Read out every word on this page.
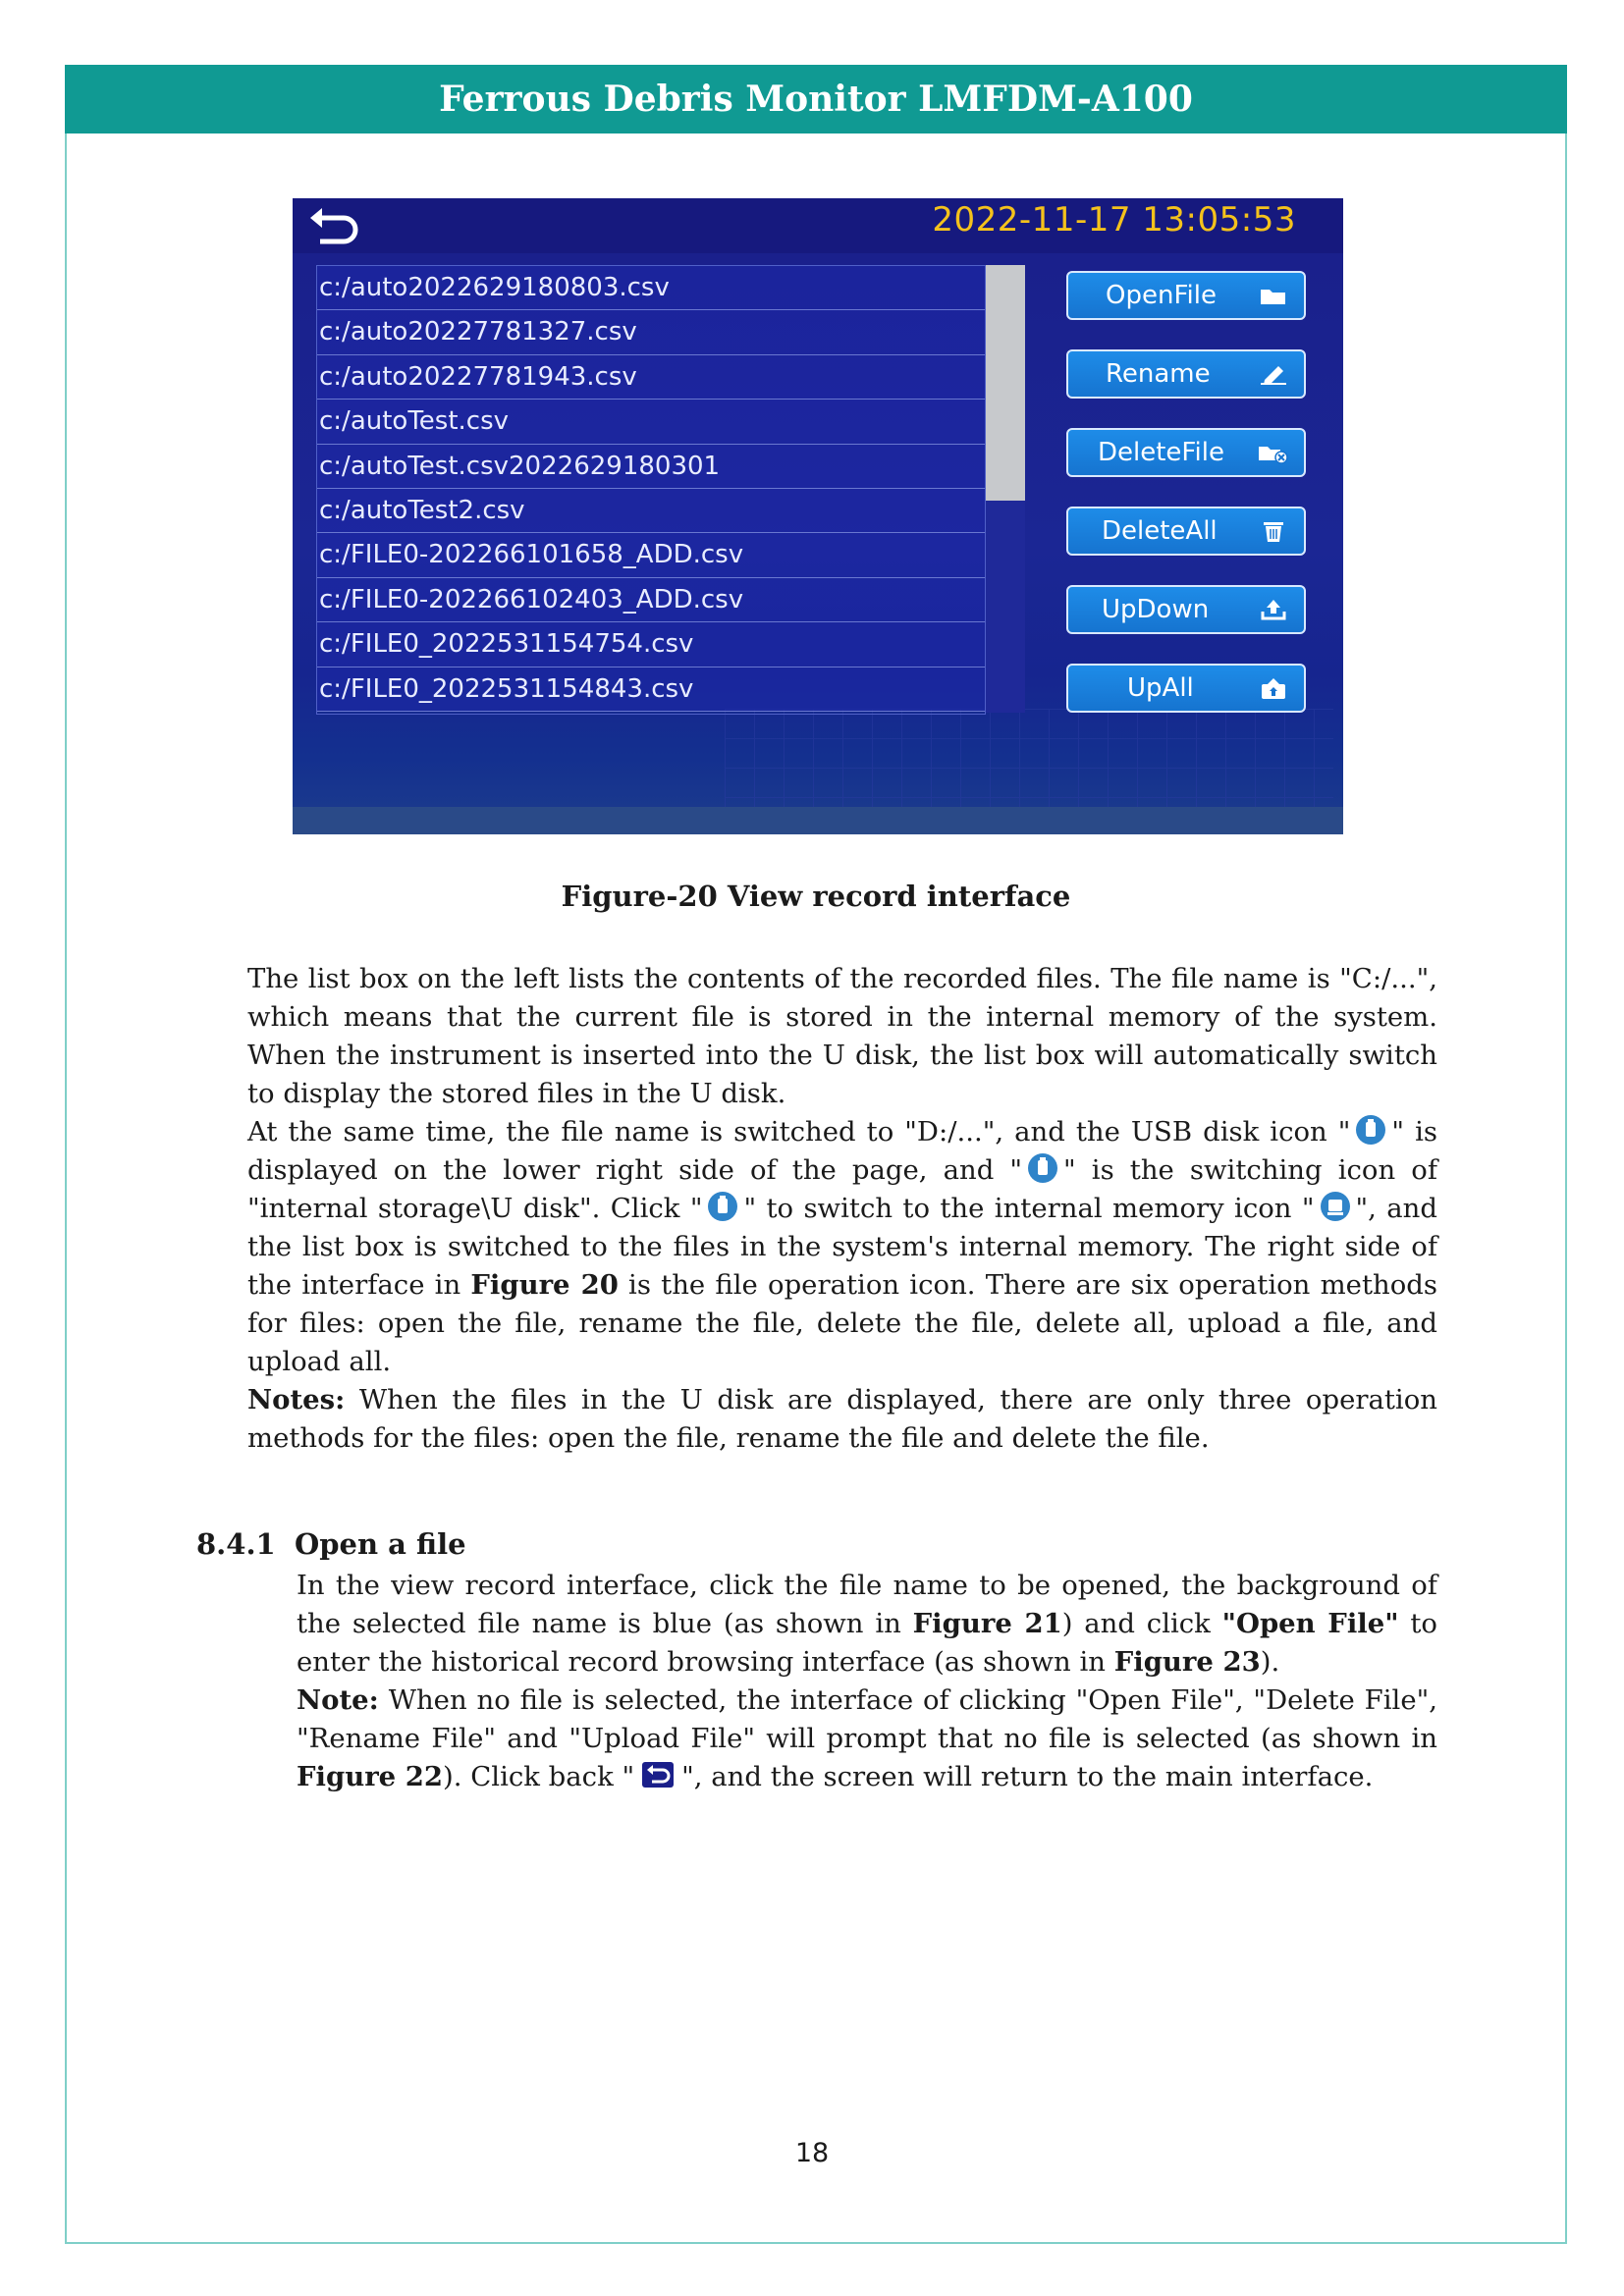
Ferrous Debris Monitor LMFDM-A100
2022-11-17 13:05:53
c:/auto2022629180803.csv
c:/auto20227781327.csv
c:/auto20227781943.csv
c:/autoTest.csv
c:/autoTest.csv2022629180301
c:/autoTest2.csv
c:/FILE0-202266101658_ADD.csv
c:/FILE0-202266102403_ADD.csv
c:/FILE0_2022531154754.csv
c:/FILE0_2022531154843.csv
OpenFile
Rename
DeleteFile
DeleteAll
UpDown
UpAll
Figure-20 View record interface

The list box on the left lists the contents of the recorded files. The file name is "C:/...", which means that the current file is stored in the internal memory of the system. When the instrument is inserted into the U disk, the list box will automatically switch to display the stored files in the U disk.

At the same time, the file name is switched to "D:/...", and the USB disk icon " " is displayed on the lower right side of the page, and " " is the switching icon of "internal storage\U disk". Click " " to switch to the internal memory icon " ", and the list box is switched to the files in the system's internal memory. The right side of the interface in Figure 20 is the file operation icon. There are six operation methods for files: open the file, rename the file, delete the file, delete all, upload a file, and upload all.
Notes: When the files in the U disk are displayed, there are only three operation methods for the files: open the file, rename the file and delete the file.

8.4.1 Open a file

In the view record interface, click the file name to be opened, the background of the selected file name is blue (as shown in Figure 21) and click "Open File" to enter the historical record browsing interface (as shown in Figure 23).
Note: When no file is selected, the interface of clicking "Open File", "Delete File", "Rename File" and "Upload File" will prompt that no file is selected (as shown in Figure 22). Click back " ", and the screen will return to the main interface.

18
